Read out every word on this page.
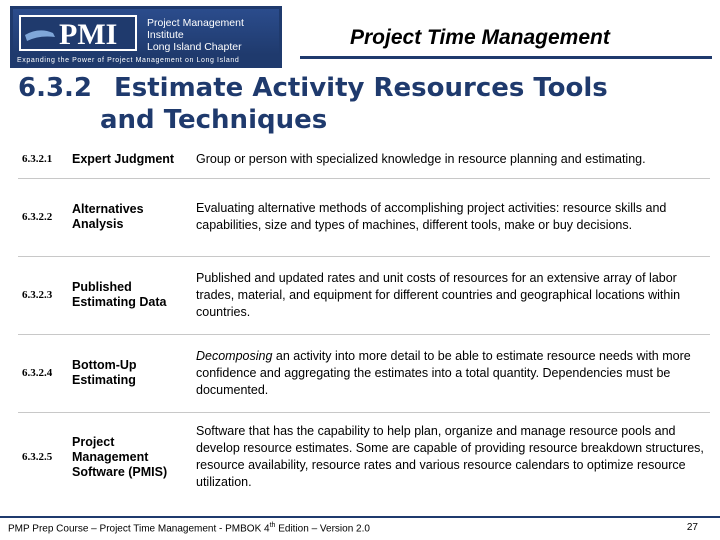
PMI	Project Management Institute
Long Island Chapter
Expanding the Power of Project Management on Long Island
Project Time Management
6.3.2 Estimate Activity Resources Tools
and Techniques
6.3.2.1	Expert Judgment	Group or person with specialized knowledge in resource planning and estimating.
6.3.2.2	Alternatives Analysis	Evaluating alternative methods of accomplishing project activities: resource skills and capabilities, size and types of machines, different tools, make or buy decisions.
6.3.2.3	Published Estimating Data	Published and updated rates and unit costs of resources for an extensive array of labor trades, material, and equipment for different countries and geographical locations within countries.
6.3.2.4	Bottom-Up Estimating	Decomposing an activity into more detail to be able to estimate resource needs with more confidence and aggregating the estimates into a total quantity. Dependencies must be documented.
6.3.2.5	Project Management Software (PMIS)	Software that has the capability to help plan, organize and manage resource pools and develop resource estimates. Some are capable of providing resource breakdown structures, resource availability, resource rates and various resource calendars to optimize resource utilization.
PMP Prep Course – Project Time Management - PMBOK 4th Edition – Version 2.0	27
